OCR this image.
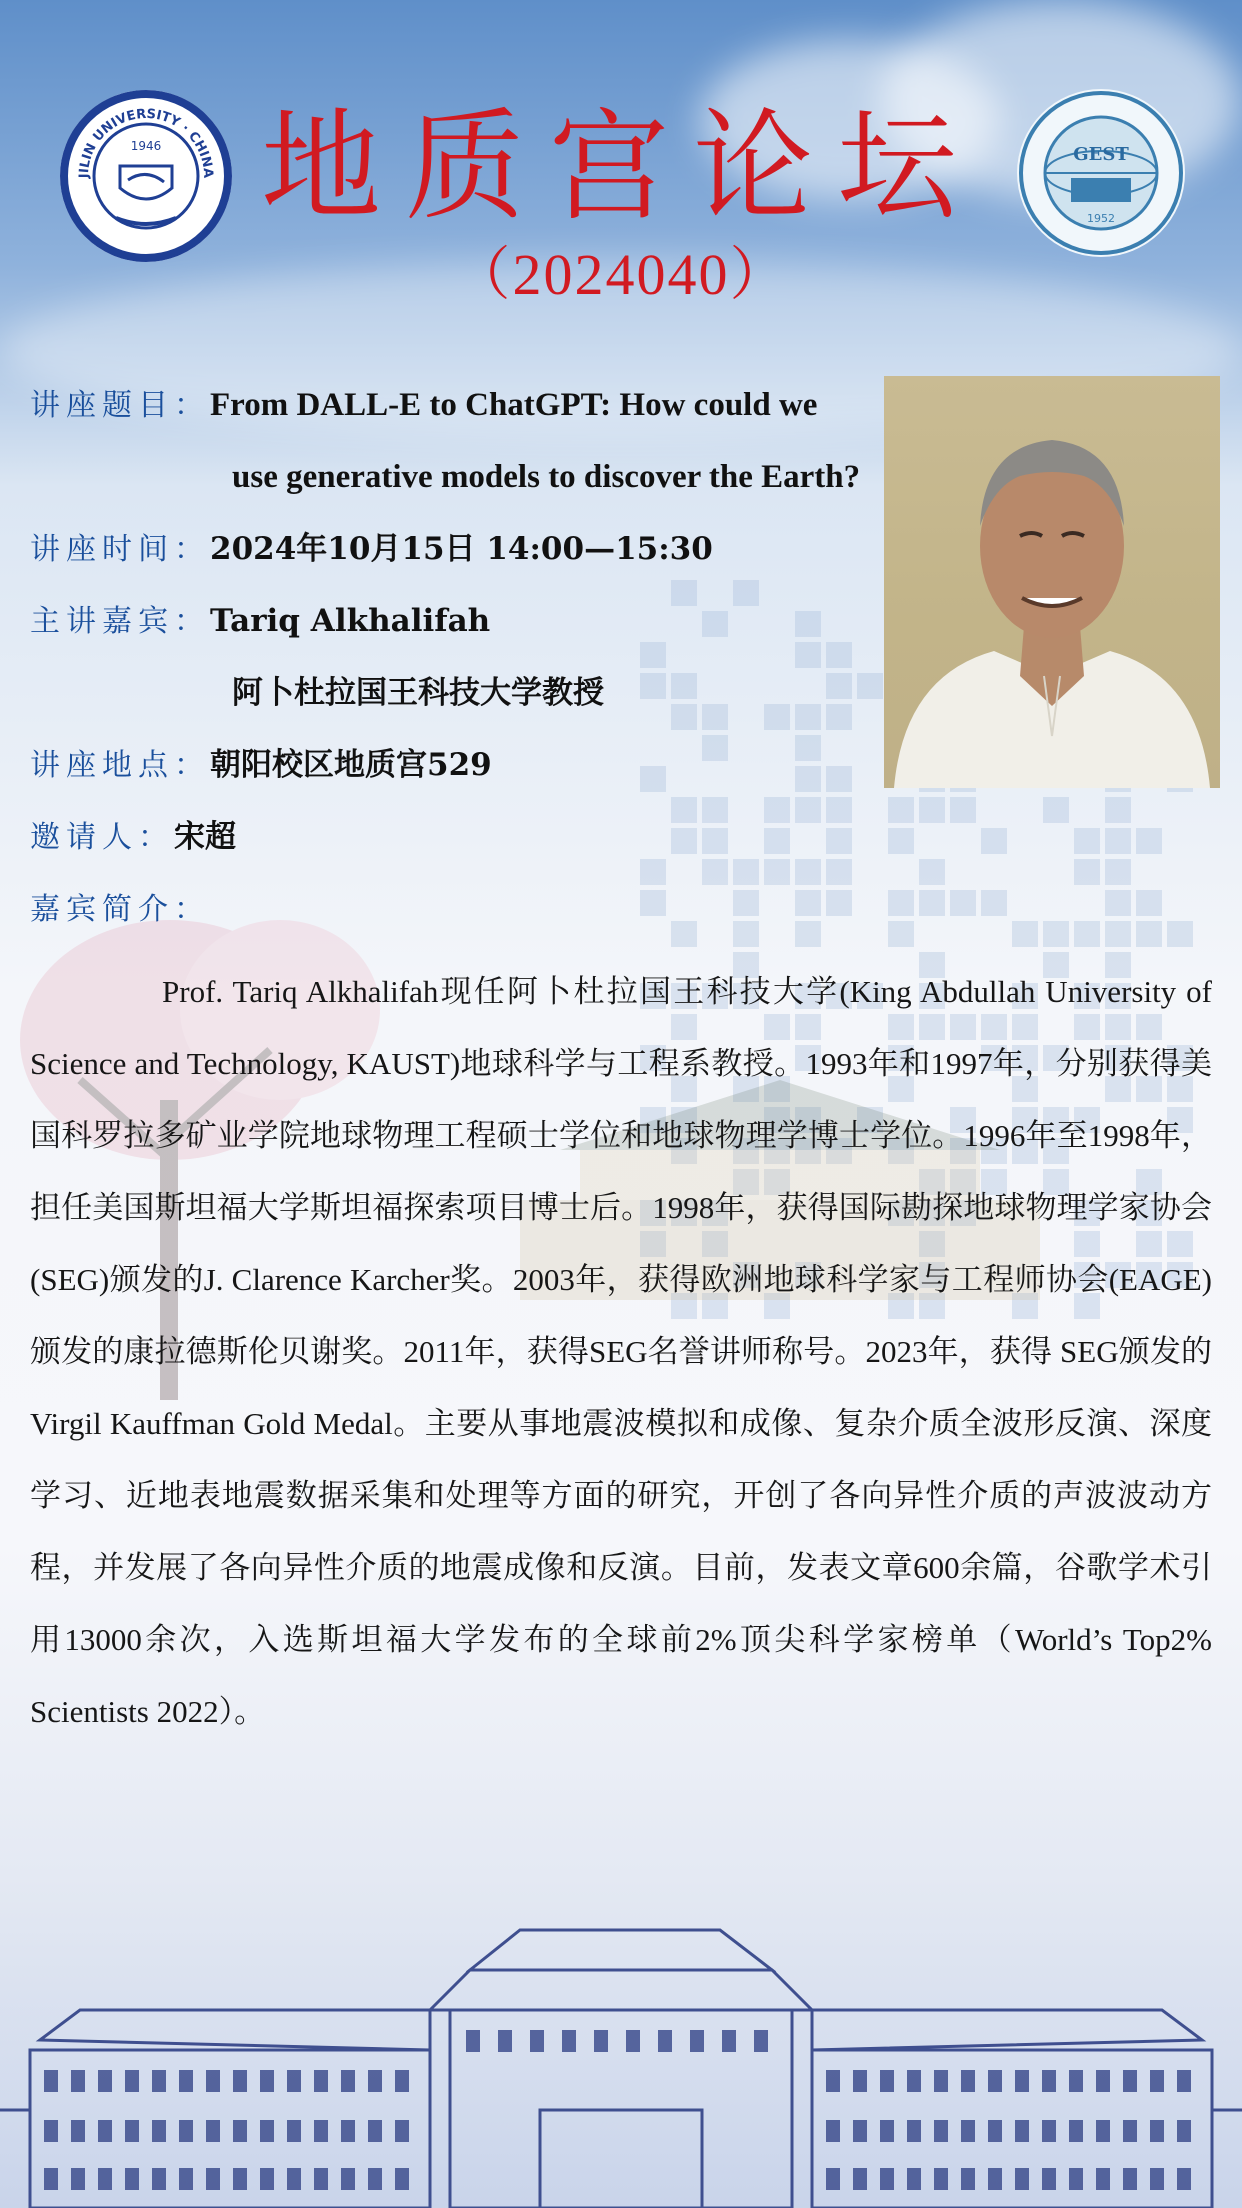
JILIN UNIVERSITY · CHINA
1946	GEST
1952
地质宫论坛
（2024040）
讲座题目：From DALL-E to ChatGPT: How could we
use generative models to discover the Earth?
讲座时间：2024年10月15日 14:00—15:30
主讲嘉宾：Tariq Alkhalifah
阿卜杜拉国王科技大学教授
讲座地点：朝阳校区地质宫529
邀请人：宋超
嘉宾简介：

Prof. Tariq Alkhalifah现任阿卜杜拉国王科技大学(King Abdullah University of Science and Technology, KAUST)地球科学与工程系教授。1993年和1997年，分别获得美国科罗拉多矿业学院地球物理工程硕士学位和地球物理学博士学位。1996年至1998年，担任美国斯坦福大学斯坦福探索项目博士后。1998年，获得国际勘探地球物理学家协会(SEG)颁发的J. Clarence Karcher奖。2003年，获得欧洲地球科学家与工程师协会(EAGE)颁发的康拉德斯伦贝谢奖。2011年，获得SEG名誉讲师称号。2023年，获得 SEG颁发的Virgil Kauffman Gold Medal。主要从事地震波模拟和成像、复杂介质全波形反演、深度学习、近地表地震数据采集和处理等方面的研究，开创了各向异性介质的声波波动方程，并发展了各向异性介质的地震成像和反演。目前，发表文章600余篇，谷歌学术引用13000余次，入选斯坦福大学发布的全球前2%顶尖科学家榜单（World’s Top2% Scientists 2022）。
